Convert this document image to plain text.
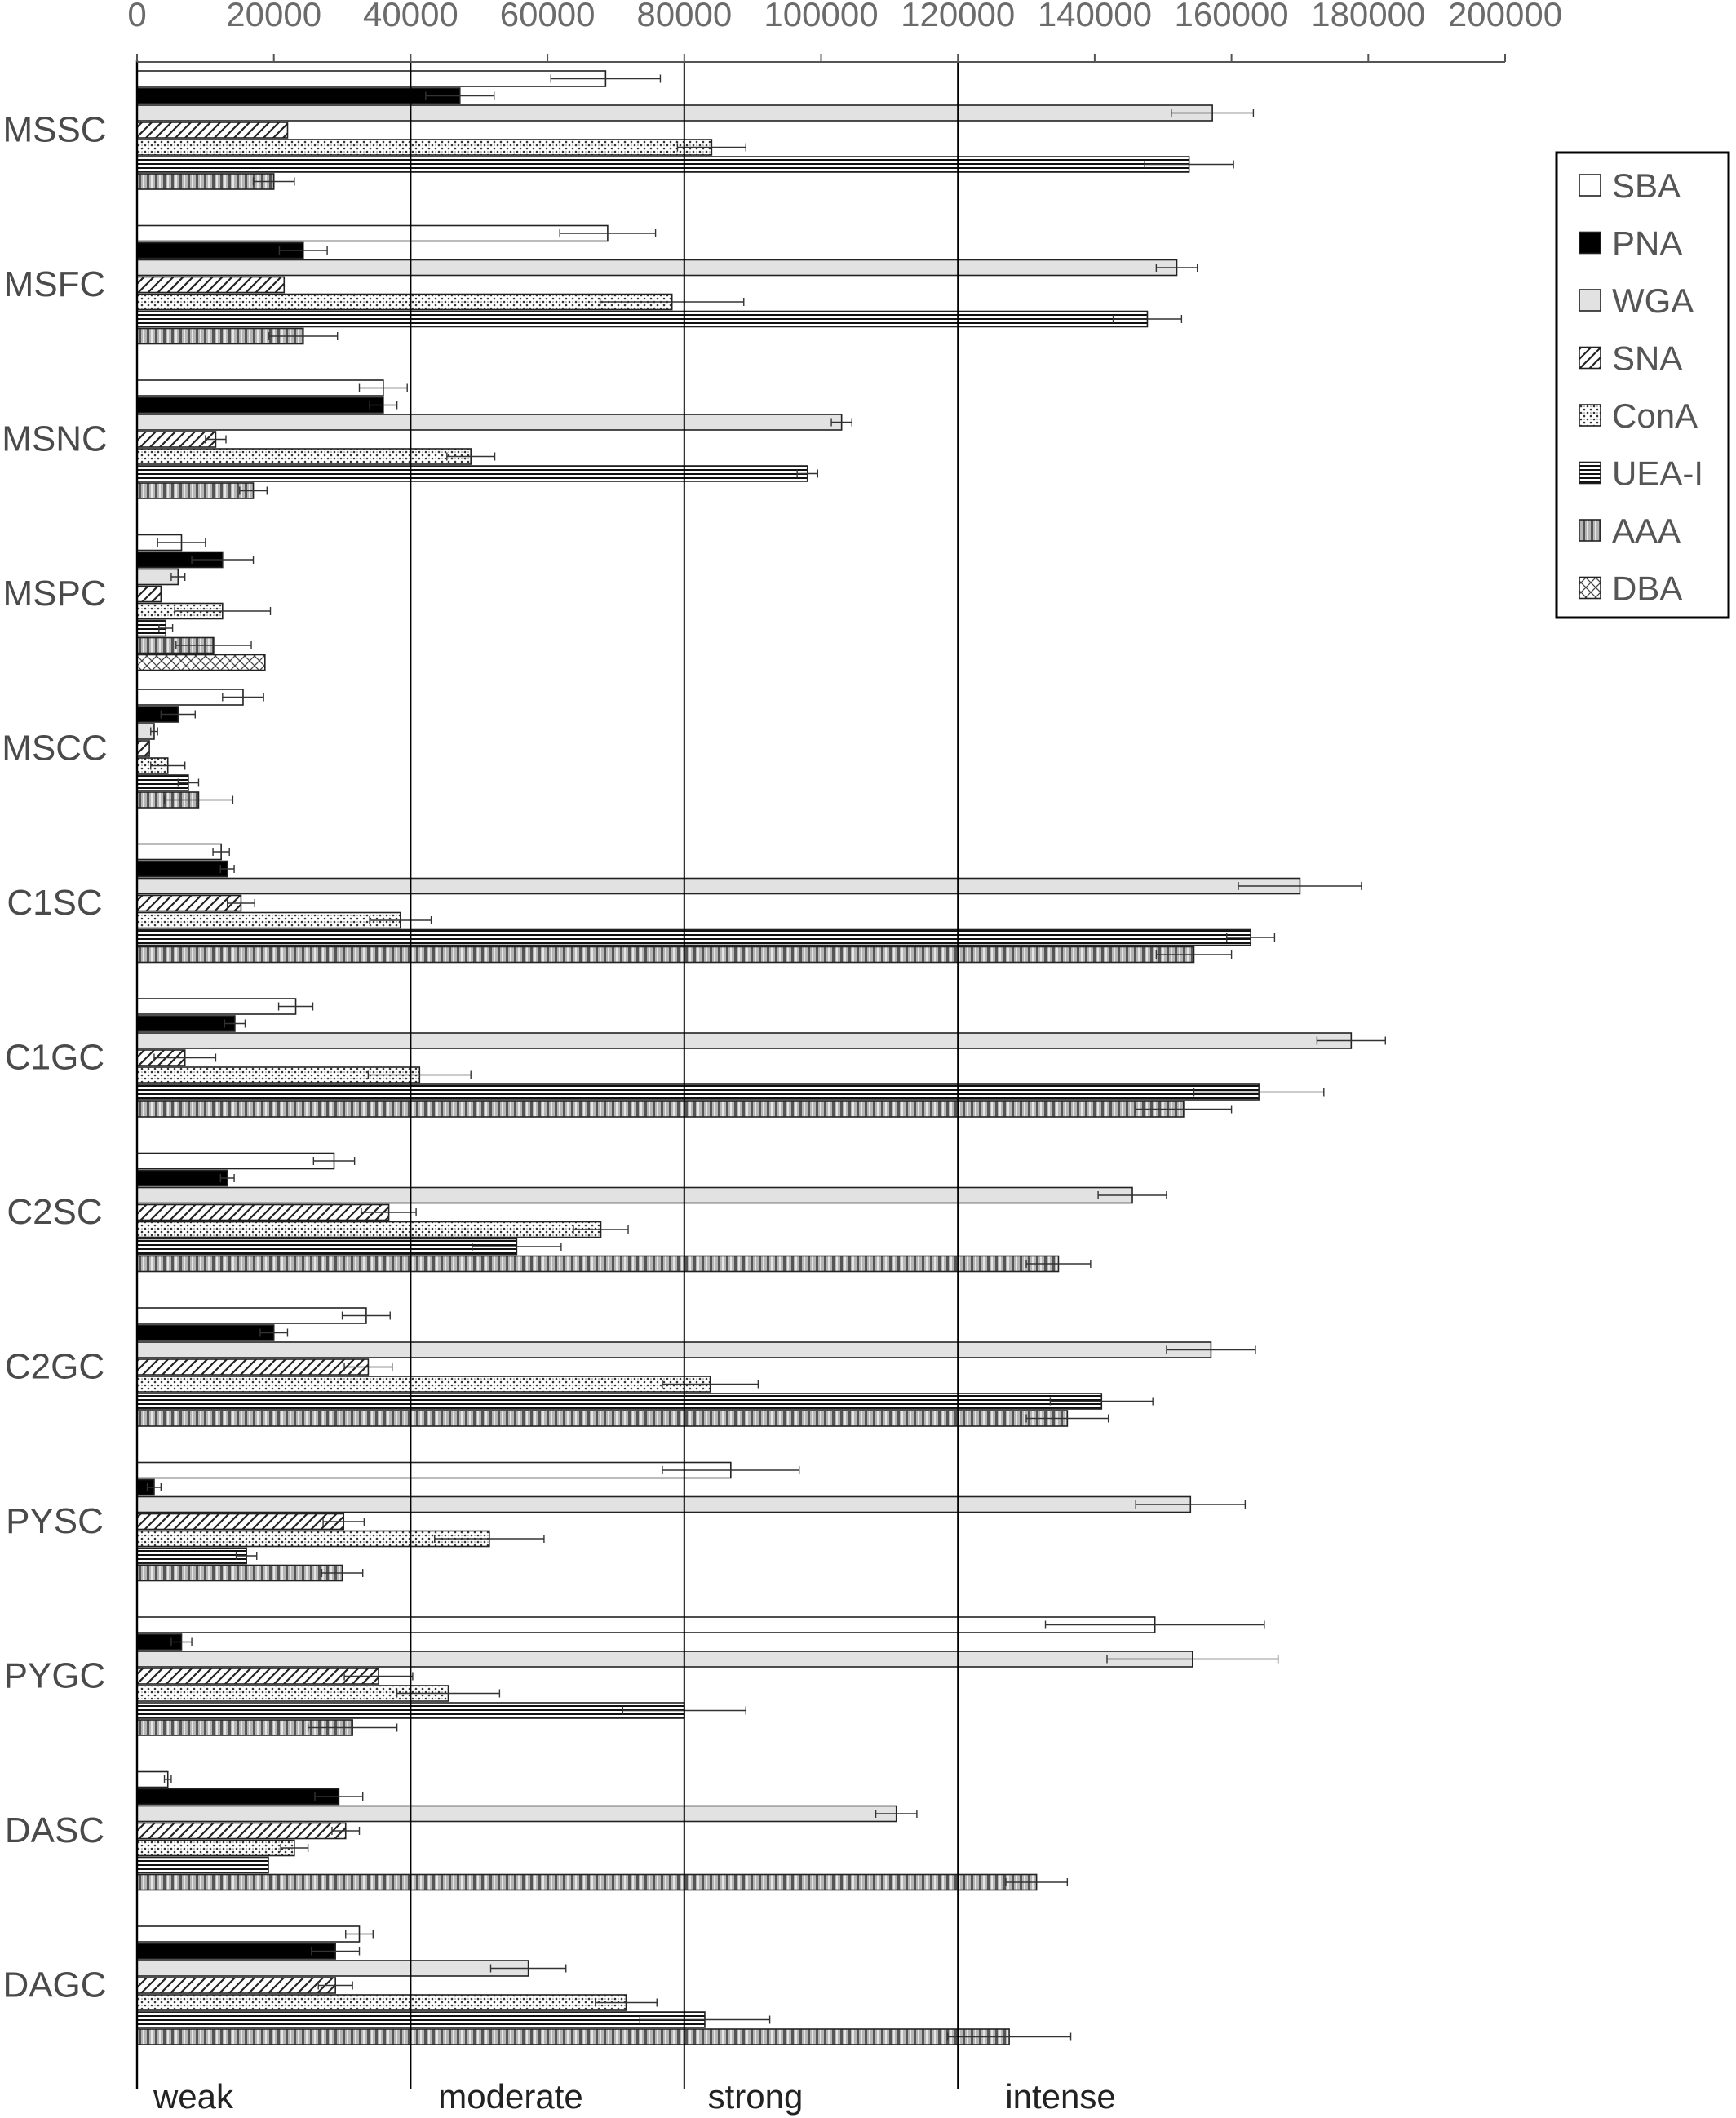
0 20000 40000 60000 80000 100000 120000 140000 160000 180000 200000
MSSC
MSFC
MSNC
MSPC
MSCC
C1SC
C1GC
C2SC
C2GC
PYSC
PYGC
DASC
DAGC
weak	moderate	strong	intense
SBA
PNA
WGA
SNA
ConA
UEA-I
AAA
DBA
